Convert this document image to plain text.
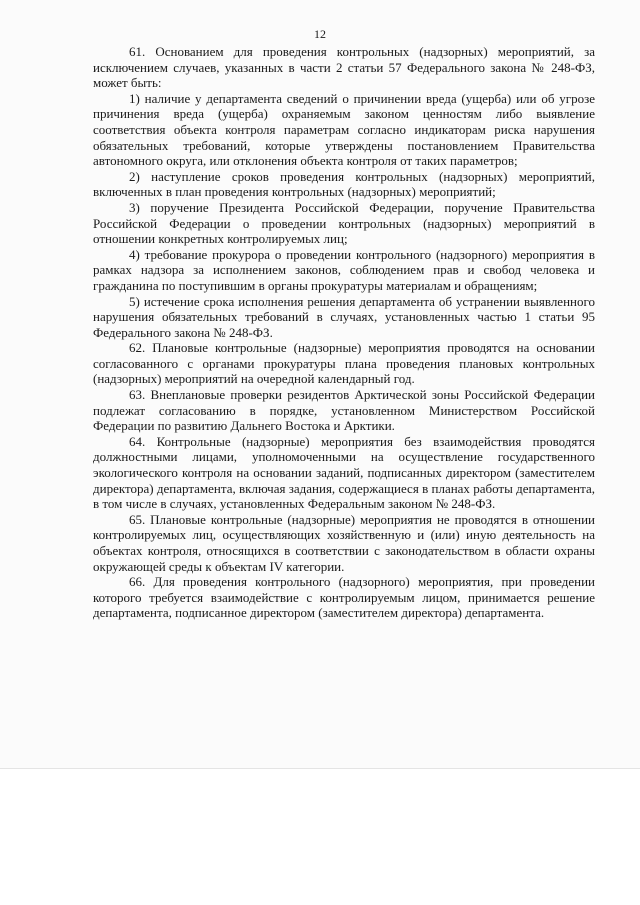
12

61. Основанием для проведения контрольных (надзорных) мероприятий, за исключением случаев, указанных в части 2 статьи 57 Федерального закона № 248-ФЗ, может быть:

1) наличие у департамента сведений о причинении вреда (ущерба) или об угрозе причинения вреда (ущерба) охраняемым законом ценностям либо выявление соответствия объекта контроля параметрам согласно индикаторам риска нарушения обязательных требований, которые утверждены постановлением Правительства автономного округа, или отклонения объекта контроля от таких параметров;

2) наступление сроков проведения контрольных (надзорных) мероприятий, включенных в план проведения контрольных (надзорных) мероприятий;

3) поручение Президента Российской Федерации, поручение Правительства Российской Федерации о проведении контрольных (надзорных) мероприятий в отношении конкретных контролируемых лиц;

4) требование прокурора о проведении контрольного (надзорного) мероприятия в рамках надзора за исполнением законов, соблюдением прав и свобод человека и гражданина по поступившим в органы прокуратуры материалам и обращениям;

5) истечение срока исполнения решения департамента об устранении выявленного нарушения обязательных требований в случаях, установленных частью 1 статьи 95 Федерального закона № 248-ФЗ.

62. Плановые контрольные (надзорные) мероприятия проводятся на основании согласованного с органами прокуратуры плана проведения плановых контрольных (надзорных) мероприятий на очередной календарный год.

63. Внеплановые проверки резидентов Арктической зоны Российской Федерации подлежат согласованию в порядке, установленном Министерством Российской Федерации по развитию Дальнего Востока и Арктики.

64. Контрольные (надзорные) мероприятия без взаимодействия проводятся должностными лицами, уполномоченными на осуществление государственного экологического контроля на основании заданий, подписанных директором (заместителем директора) департамента, включая задания, содержащиеся в планах работы департамента, в том числе в случаях, установленных Федеральным законом № 248-ФЗ.

65. Плановые контрольные (надзорные) мероприятия не проводятся в отношении контролируемых лиц, осуществляющих хозяйственную и (или) иную деятельность на объектах контроля, относящихся в соответствии с законодательством в области охраны окружающей среды к объектам IV категории.

66. Для проведения контрольного (надзорного) мероприятия, при проведении которого требуется взаимодействие с контролируемым лицом, принимается решение департамента, подписанное директором (заместителем директора) департамента.
